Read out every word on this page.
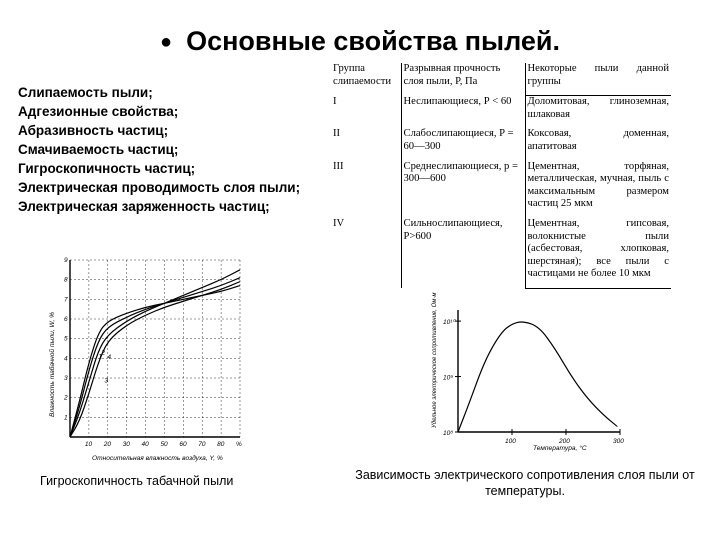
● Основные свойства пылей.
Слипаемость пыли;
Адгезионные свойства;
Абразивность частиц;
Смачиваемость частиц;
Гигроскопичность частиц;
Электрическая проводимость слоя пыли;
Электрическая заряженность частиц;
Группа слипаемости	Разрывная прочность слоя пыли, Р, Па	Некоторые пыли данной группы
I	Неслипающиеся, Р < 60	Доломитовая, глиноземная, шлаковая
II	Слабослипающиеся, Р = 60—300	Коксовая, доменная, апатитовая
III	Среднеслипающиеся, р = 300—600	Цементная, торфяная, металлическая, мучная, пыль с максимальным размером частиц 25 мкм
IV	Сильнослипающиеся, Р>600	Цементная, гипсовая, волокнистые пыли (асбестовая, хлопковая, шерстяная); все пыли с частицами не более 10 мкм
10 20 30 40 50 60 70 80 %
1
2
3
4
5
6
7
8
9
1
2
3
4
Влажность табачной пыли, W, %
Относительная влажность воздуха, Y, %
100	200	300
10¹⁰
10⁹
10⁸
Удельное электрическое сопротивление, Ом·м
Температура, °C
Гигроскопичность табачной пыли	Зависимость электрического сопротивления слоя пыли от температуры.
